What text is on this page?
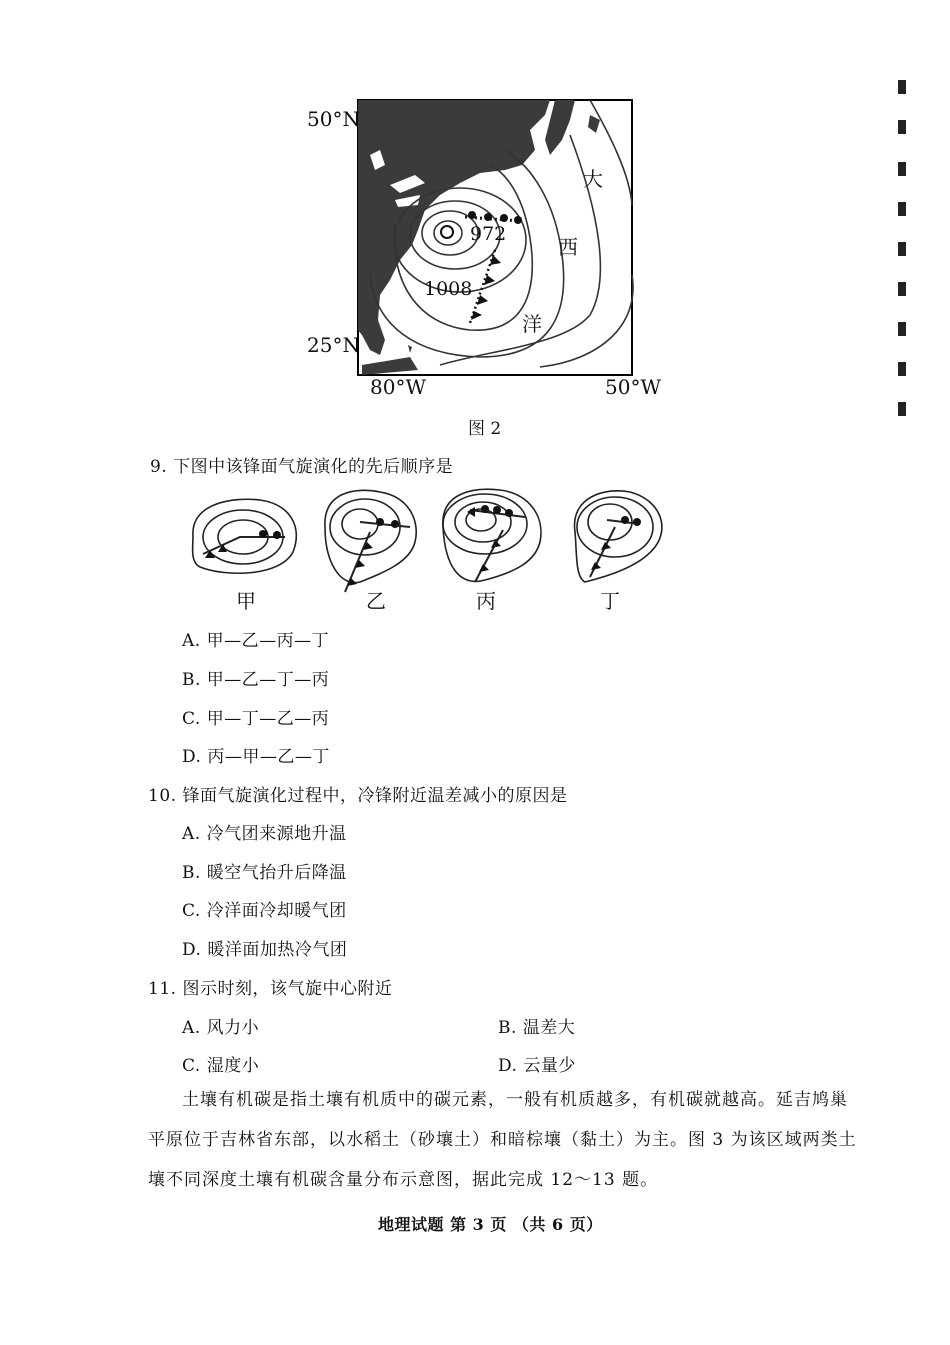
50°N
25°N
80°W	50°W
972
1008
大
西
洋
图 2
9. 下图中该锋面气旋演化的先后顺序是
甲	乙	丙	丁
A. 甲—乙—丙—丁
B. 甲—乙—丁—丙
C. 甲—丁—乙—丙
D. 丙—甲—乙—丁
10. 锋面气旋演化过程中，冷锋附近温差减小的原因是
A. 冷气团来源地升温
B. 暖空气抬升后降温
C. 冷洋面冷却暖气团
D. 暖洋面加热冷气团
11. 图示时刻，该气旋中心附近
A. 风力小	B. 温差大
C. 湿度小	D. 云量少
土壤有机碳是指土壤有机质中的碳元素，一般有机质越多，有机碳就越高。延吉鸠巢
平原位于吉林省东部，以水稻土（砂壤土）和暗棕壤（黏土）为主。图 3 为该区域两类土
壤不同深度土壤有机碳含量分布示意图，据此完成 12～13 题。
地理试题 第 3 页 （共 6 页）
